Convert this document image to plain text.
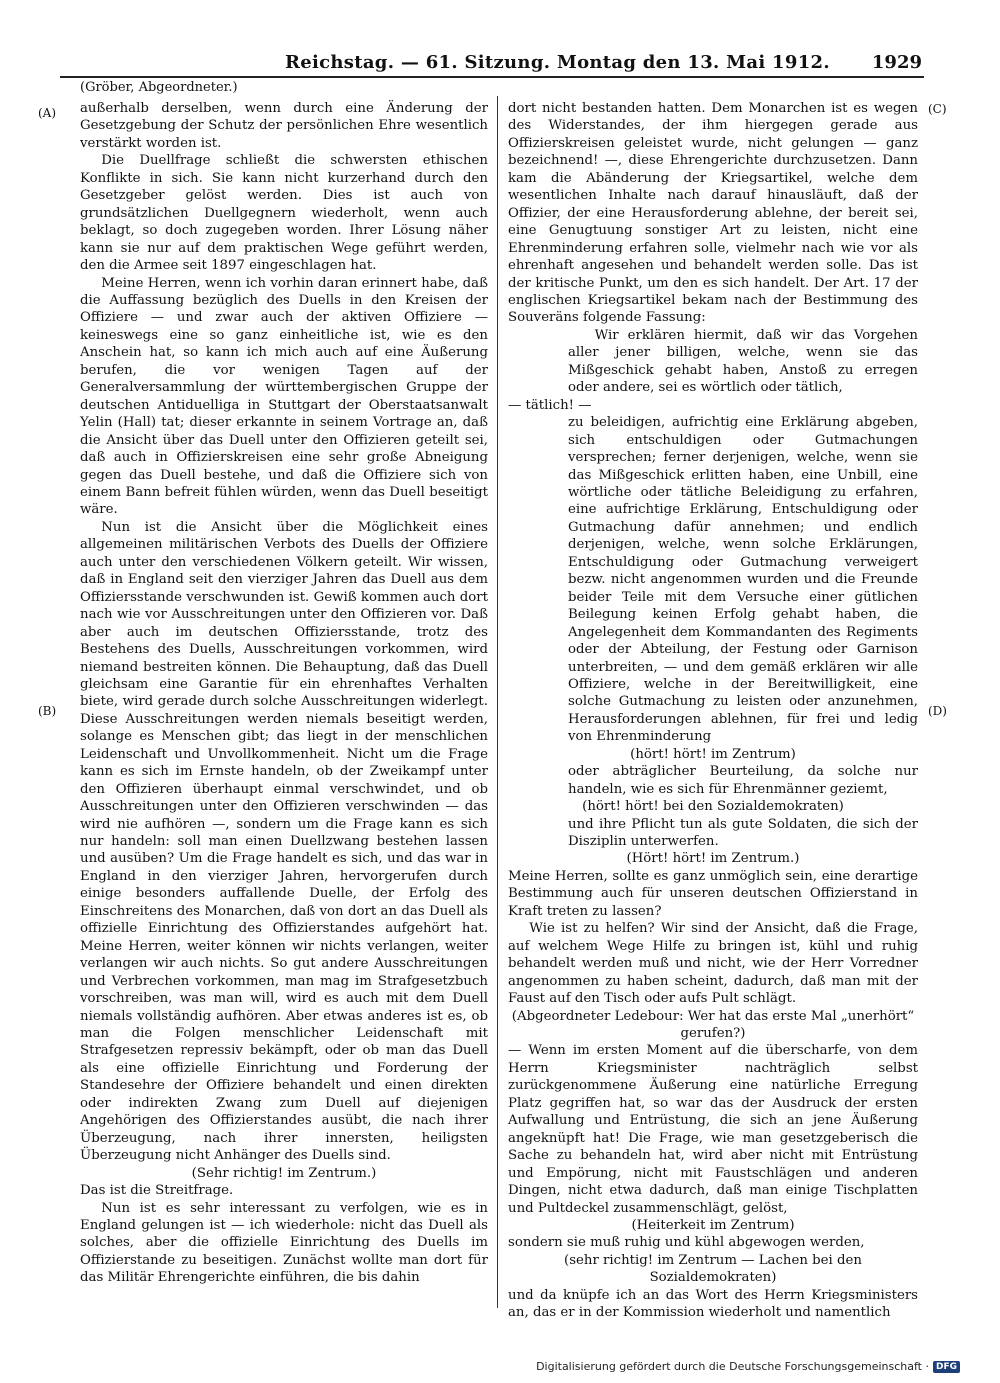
Reichstag. — 61. Sitzung. Montag den 13. Mai 1912. 1929
(Gröber, Abgeordneter.)
(A)
(B)
(C)
(D)

außerhalb derselben, wenn durch eine Änderung der Gesetzgebung der Schutz der persönlichen Ehre wesentlich verstärkt worden ist.

Die Duellfrage schließt die schwersten ethischen Konflikte in sich. Sie kann nicht kurzerhand durch den Gesetzgeber gelöst werden. Dies ist auch von grundsätzlichen Duellgegnern wiederholt, wenn auch beklagt, so doch zugegeben worden. Ihrer Lösung näher kann sie nur auf dem praktischen Wege geführt werden, den die Armee seit 1897 eingeschlagen hat.

Meine Herren, wenn ich vorhin daran erinnert habe, daß die Auffassung bezüglich des Duells in den Kreisen der Offiziere — und zwar auch der aktiven Offiziere — keineswegs eine so ganz einheitliche ist, wie es den Anschein hat, so kann ich mich auch auf eine Äußerung berufen, die vor wenigen Tagen auf der Generalversammlung der württembergischen Gruppe der deutschen Antiduelliga in Stuttgart der Oberstaatsanwalt Yelin (Hall) tat; dieser erkannte in seinem Vortrage an, daß die Ansicht über das Duell unter den Offizieren geteilt sei, daß auch in Offizierskreisen eine sehr große Abneigung gegen das Duell bestehe, und daß die Offiziere sich von einem Bann befreit fühlen würden, wenn das Duell beseitigt wäre.

Nun ist die Ansicht über die Möglichkeit eines allgemeinen militärischen Verbots des Duells der Offiziere auch unter den verschiedenen Völkern geteilt. Wir wissen, daß in England seit den vierziger Jahren das Duell aus dem Offiziersstande verschwunden ist. Gewiß kommen auch dort nach wie vor Ausschreitungen unter den Offizieren vor. Daß aber auch im deutschen Offiziersstande, trotz des Bestehens des Duells, Ausschreitungen vorkommen, wird niemand bestreiten können. Die Behauptung, daß das Duell gleichsam eine Garantie für ein ehrenhaftes Verhalten biete, wird gerade durch solche Ausschreitungen widerlegt. Diese Ausschreitungen werden niemals beseitigt werden, solange es Menschen gibt; das liegt in der menschlichen Leidenschaft und Unvollkommenheit. Nicht um die Frage kann es sich im Ernste handeln, ob der Zweikampf unter den Offizieren überhaupt einmal verschwindet, und ob Ausschreitungen unter den Offizieren verschwinden — das wird nie aufhören —, sondern um die Frage kann es sich nur handeln: soll man einen Duellzwang bestehen lassen und ausüben? Um die Frage handelt es sich, und das war in England in den vierziger Jahren, hervorgerufen durch einige besonders auffallende Duelle, der Erfolg des Einschreitens des Monarchen, daß von dort an das Duell als offizielle Einrichtung des Offizierstandes aufgehört hat. Meine Herren, weiter können wir nichts verlangen, weiter verlangen wir auch nichts. So gut andere Ausschreitungen und Verbrechen vorkommen, man mag im Strafgesetzbuch vorschreiben, was man will, wird es auch mit dem Duell niemals vollständig aufhören. Aber etwas anderes ist es, ob man die Folgen menschlicher Leidenschaft mit Strafgesetzen repressiv bekämpft, oder ob man das Duell als eine offizielle Einrichtung und Forderung der Standesehre der Offiziere behandelt und einen direkten oder indirekten Zwang zum Duell auf diejenigen Angehörigen des Offizierstandes ausübt, die nach ihrer Überzeugung, nach ihrer innersten, heiligsten Überzeugung nicht Anhänger des Duells sind.

(Sehr richtig! im Zentrum.)

Das ist die Streitfrage.

Nun ist es sehr interessant zu verfolgen, wie es in England gelungen ist — ich wiederhole: nicht das Duell als solches, aber die offizielle Einrichtung des Duells im Offizierstande zu beseitigen. Zunächst wollte man dort für das Militär Ehrengerichte einführen, die bis dahin

dort nicht bestanden hatten. Dem Monarchen ist es wegen des Widerstandes, der ihm hiergegen gerade aus Offizierskreisen geleistet wurde, nicht gelungen — ganz bezeichnend! —, diese Ehrengerichte durchzusetzen. Dann kam die Abänderung der Kriegsartikel, welche dem wesentlichen Inhalte nach darauf hinausläuft, daß der Offizier, der eine Herausforderung ablehne, der bereit sei, eine Genugtuung sonstiger Art zu leisten, nicht eine Ehrenminderung erfahren solle, vielmehr nach wie vor als ehrenhaft angesehen und behandelt werden solle. Das ist der kritische Punkt, um den es sich handelt. Der Art. 17 der englischen Kriegsartikel bekam nach der Bestimmung des Souveräns folgende Fassung:

Wir erklären hiermit, daß wir das Vorgehen aller jener billigen, welche, wenn sie das Mißgeschick gehabt haben, Anstoß zu erregen oder andere, sei es wörtlich oder tätlich,

— tätlich! —

zu beleidigen, aufrichtig eine Erklärung abgeben, sich entschuldigen oder Gutmachungen versprechen; ferner derjenigen, welche, wenn sie das Mißgeschick erlitten haben, eine Unbill, eine wörtliche oder tätliche Beleidigung zu erfahren, eine aufrichtige Erklärung, Entschuldigung oder Gutmachung dafür annehmen; und endlich derjenigen, welche, wenn solche Erklärungen, Entschuldigung oder Gutmachung verweigert bezw. nicht angenommen wurden und die Freunde beider Teile mit dem Versuche einer gütlichen Beilegung keinen Erfolg gehabt haben, die Angelegenheit dem Kommandanten des Regiments oder der Abteilung, der Festung oder Garnison unterbreiten, — und dem gemäß erklären wir alle Offiziere, welche in der Bereitwilligkeit, eine solche Gutmachung zu leisten oder anzunehmen, Herausforderungen ablehnen, für frei und ledig von Ehrenminderung

(hört! hört! im Zentrum)

oder abträglicher Beurteilung, da solche nur handeln, wie es sich für Ehrenmänner geziemt,

(hört! hört! bei den Sozialdemokraten)

und ihre Pflicht tun als gute Soldaten, die sich der Disziplin unterwerfen.

(Hört! hört! im Zentrum.)

Meine Herren, sollte es ganz unmöglich sein, eine derartige Bestimmung auch für unseren deutschen Offizierstand in Kraft treten zu lassen?

Wie ist zu helfen? Wir sind der Ansicht, daß die Frage, auf welchem Wege Hilfe zu bringen ist, kühl und ruhig behandelt werden muß und nicht, wie der Herr Vorredner angenommen zu haben scheint, dadurch, daß man mit der Faust auf den Tisch oder aufs Pult schlägt.

(Abgeordneter Ledebour: Wer hat das erste Mal „unerhört“ gerufen?)

— Wenn im ersten Moment auf die überscharfe, von dem Herrn Kriegsminister nachträglich selbst zurückgenommene Äußerung eine natürliche Erregung Platz gegriffen hat, so war das der Ausdruck der ersten Aufwallung und Entrüstung, die sich an jene Äußerung angeknüpft hat! Die Frage, wie man gesetzgeberisch die Sache zu behandeln hat, wird aber nicht mit Entrüstung und Empörung, nicht mit Faustschlägen und anderen Dingen, nicht etwa dadurch, daß man einige Tischplatten und Pultdeckel zusammenschlägt, gelöst,

(Heiterkeit im Zentrum)

sondern sie muß ruhig und kühl abgewogen werden,

(sehr richtig! im Zentrum — Lachen bei den Sozialdemokraten)

und da knüpfe ich an das Wort des Herrn Kriegsministers an, das er in der Kommission wiederholt und namentlich

Digitalisierung gefördert durch die Deutsche Forschungsgemeinschaft · DFG
